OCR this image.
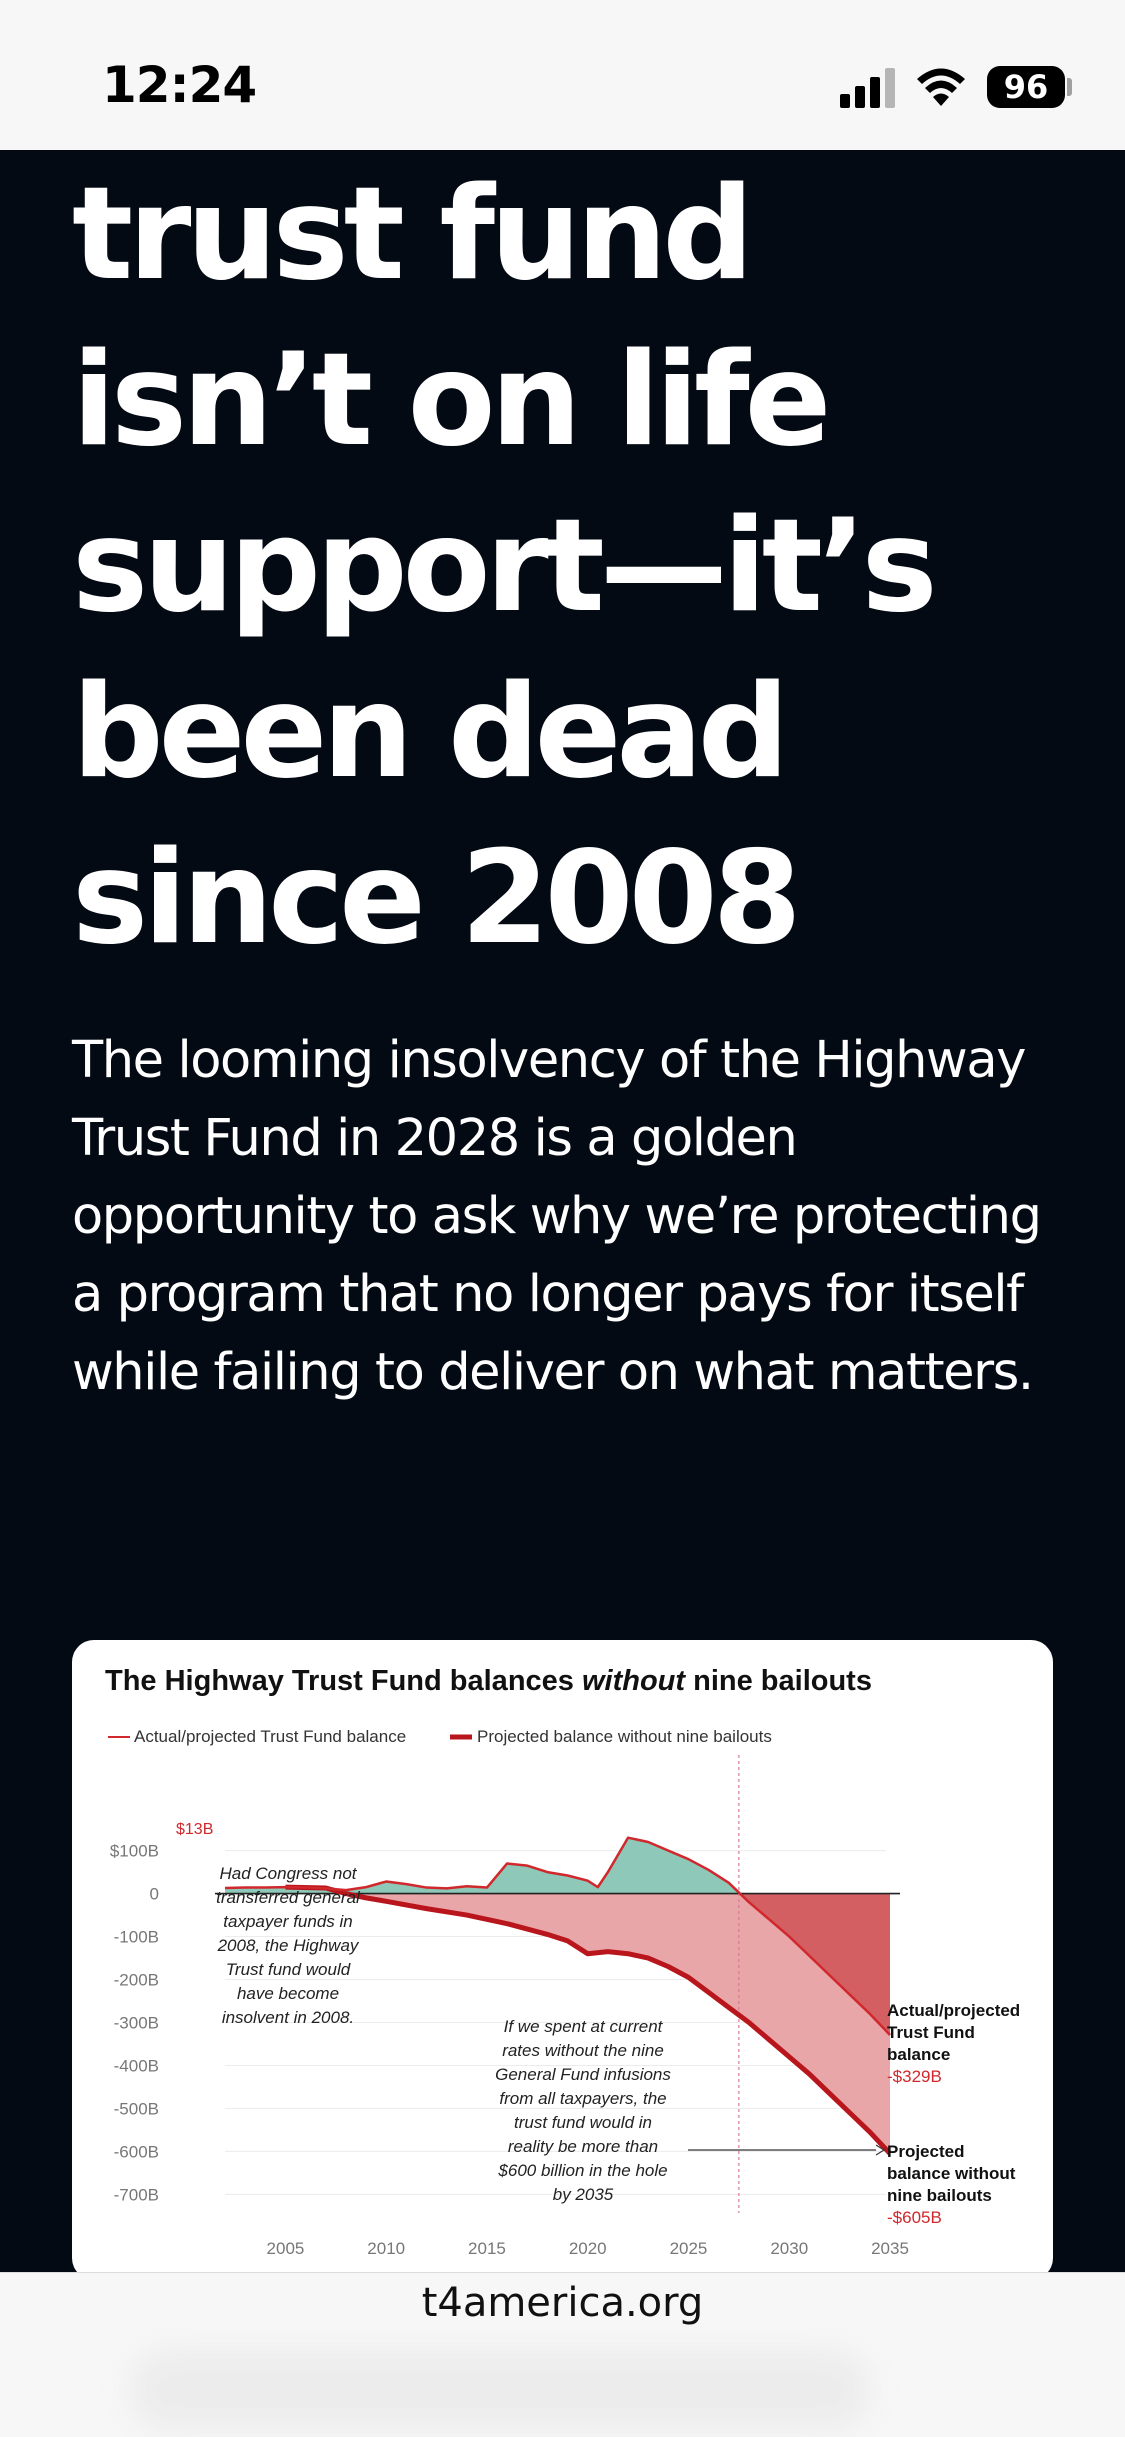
12:24	96
trust fund isn’t on life support—it’s been dead since 2008

The looming insolvency of the Highway Trust Fund in 2028 is a golden opportunity to ask why we’re protecting a program that no longer pays for itself while failing to deliver on what matters.

The Highway Trust Fund balances without nine bailouts
Actual/projected Trust Fund balance	Projected balance without nine bailouts
$100B
0
-100B
-200B
-300B
-400B
-500B
-600B
-700B
2005	2010	2015	2020	2025	2030	2035
$13B
Had Congress not
transferred general
taxpayer funds in
2008, the Highway
Trust fund would
have become
insolvent in 2008.	If we spent at current
rates without the nine
General Fund infusions
from all taxpayers, the
trust fund would in
reality be more than
$600 billion in the hole
by 2035
Actual/projected
Trust Fund
balance
-$329B
Projected
balance without
nine bailouts
-$605B
t4america.org
